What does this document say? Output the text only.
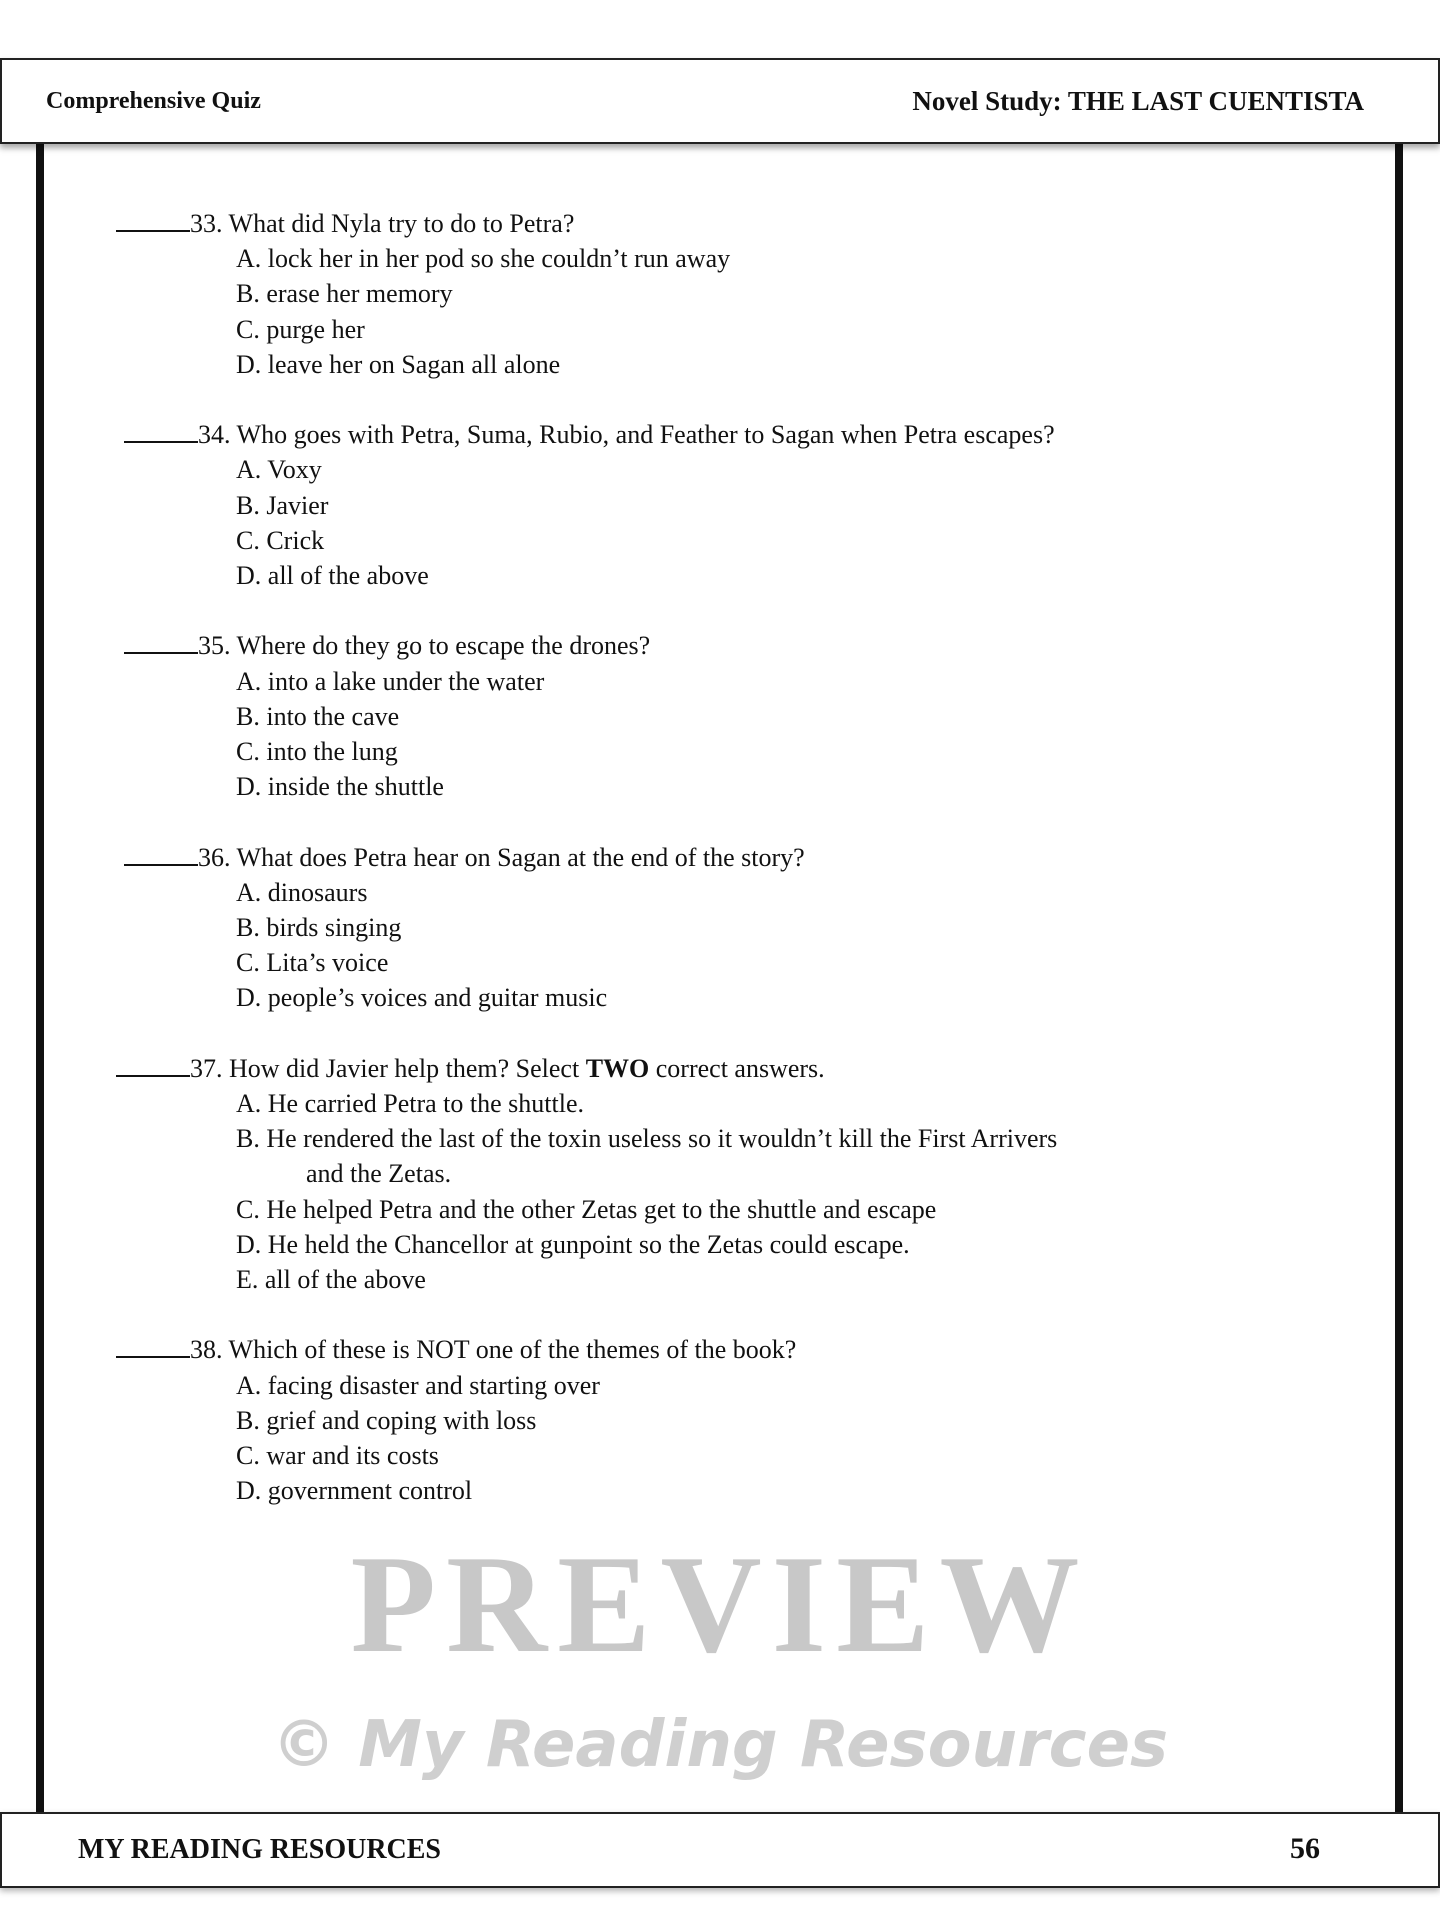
Comprehensive Quiz	Novel Study: THE LAST CUENTISTA
33. What did Nyla try to do to Petra?
A. lock her in her pod so she couldn’t run away
B. erase her memory
C. purge her
D. leave her on Sagan all alone
34. Who goes with Petra, Suma, Rubio, and Feather to Sagan when Petra escapes?
A. Voxy
B. Javier
C. Crick
D. all of the above
35. Where do they go to escape the drones?
A. into a lake under the water
B. into the cave
C. into the lung
D. inside the shuttle
36. What does Petra hear on Sagan at the end of the story?
A. dinosaurs
B. birds singing
C. Lita’s voice
D. people’s voices and guitar music
37. How did Javier help them? Select TWO correct answers.
A. He carried Petra to the shuttle.
B. He rendered the last of the toxin useless so it wouldn’t kill the First Arrivers
and the Zetas.
C. He helped Petra and the other Zetas get to the shuttle and escape
D. He held the Chancellor at gunpoint so the Zetas could escape.
E. all of the above
38. Which of these is NOT one of the themes of the book?
A. facing disaster and starting over
B. grief and coping with loss
C. war and its costs
D. government control
PREVIEW
© My Reading Resources
MY READING RESOURCES	56
